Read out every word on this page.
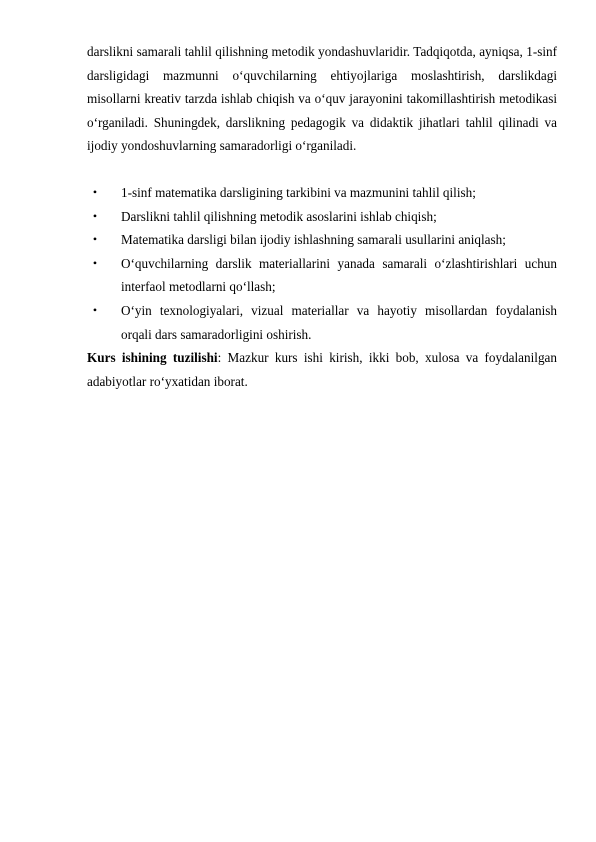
darslikni samarali tahlil qilishning metodik yondashuvlaridir. Tadqiqotda, ayniqsa, 1-sinf darsligidagi mazmunni o‘quvchilarning ehtiyojlariga moslashtirish, darslikdagi misollarni kreativ tarzda ishlab chiqish va o‘quv jarayonini takomillashtirish metodikasi o‘rganiladi. Shuningdek, darslikning pedagogik va didaktik jihatlari tahlil qilinadi va ijodiy yondoshuvlarning samaradorligi o‘rganiladi.

•	1-sinf matematika darsligining tarkibini va mazmunini tahlil qilish;
•	Darslikni tahlil qilishning metodik asoslarini ishlab chiqish;
•	Matematika darsligi bilan ijodiy ishlashning samarali usullarini aniqlash;
•	O‘quvchilarning darslik materiallarini yanada samarali o‘zlashtirishlari uchun interfaol metodlarni qo‘llash;
•	O‘yin texnologiyalari, vizual materiallar va hayotiy misollardan foydalanish orqali dars samaradorligini oshirish.

Kurs ishining tuzilishi: Mazkur kurs ishi kirish, ikki bob, xulosa va foydalanilgan adabiyotlar ro‘yxatidan iborat.
